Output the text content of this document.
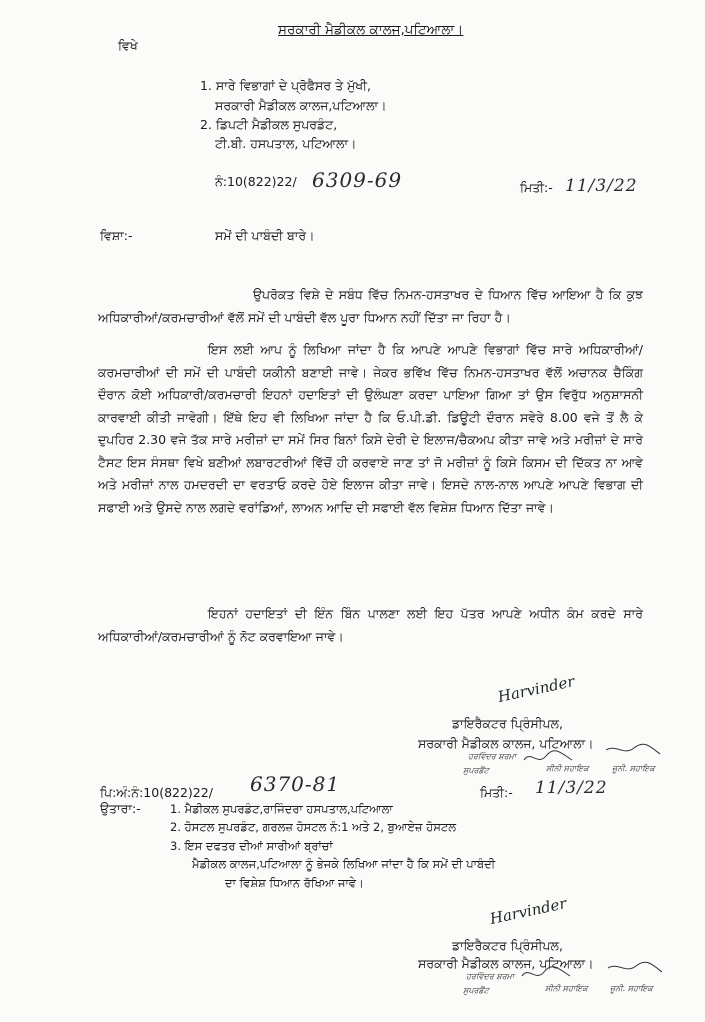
ਸਰਕਾਰੀ ਮੈਡੀਕਲ ਕਾਲਜ,ਪਟਿਆਲਾ।
ਵਿਖੇ
1. ਸਾਰੇ ਵਿਭਾਗਾਂ ਦੇ ਪ੍ਰੋਫੈਸਰ ਤੇ ਮੁੱਖੀ,
ਸਰਕਾਰੀ ਮੈਡੀਕਲ ਕਾਲਜ,ਪਟਿਆਲਾ।
2. ਡਿਪਟੀ ਮੈਡੀਕਲ ਸੁਪਰਡੰਟ,
ਟੀ.ਬੀ. ਹਸਪਤਾਲ, ਪਟਿਆਲਾ।
ਨੰ:10(822)22/ 6309-69	ਮਿਤੀ:- 11/3/22
ਵਿਸ਼ਾ:-	ਸਮੇਂ ਦੀ ਪਾਬੰਦੀ ਬਾਰੇ।
ਉਪਰੋਕਤ ਵਿਸ਼ੇ ਦੇ ਸਬੰਧ ਵਿੱਚ ਨਿਮਨ-ਹਸਤਾਖਰ ਦੇ ਧਿਆਨ ਵਿੱਚ ਆਇਆ ਹੈ ਕਿ ਕੁਝ ਅਧਿਕਾਰੀਆਂ/ਕਰਮਚਾਰੀਆਂ ਵੱਲੋਂ ਸਮੇਂ ਦੀ ਪਾਬੰਦੀ ਵੱਲ ਪੂਰਾ ਧਿਆਨ ਨਹੀਂ ਦਿੱਤਾ ਜਾ ਰਿਹਾ ਹੈ।
ਇਸ ਲਈ ਆਪ ਨੂੰ ਲਿਖਿਆ ਜਾਂਦਾ ਹੈ ਕਿ ਆਪਣੇ ਆਪਣੇ ਵਿਭਾਗਾਂ ਵਿੱਚ ਸਾਰੇ ਅਧਿਕਾਰੀਆਂ/ਕਰਮਚਾਰੀਆਂ ਦੀ ਸਮੇਂ ਦੀ ਪਾਬੰਦੀ ਯਕੀਨੀ ਬਣਾਈ ਜਾਵੇ। ਜੇਕਰ ਭਵਿੱਖ ਵਿੱਚ ਨਿਮਨ-ਹਸਤਾਖਰ ਵੱਲੋਂ ਅਚਾਨਕ ਚੈਕਿੰਗ ਦੌਰਾਨ ਕੋਈ ਅਧਿਕਾਰੀ/ਕਰਮਚਾਰੀ ਇਹਨਾਂ ਹਦਾਇਤਾਂ ਦੀ ਉਲੰਘਣਾ ਕਰਦਾ ਪਾਇਆ ਗਿਆ ਤਾਂ ਉਸ ਵਿਰੁੱਧ ਅਨੁਸ਼ਾਸਨੀ ਕਾਰਵਾਈ ਕੀਤੀ ਜਾਵੇਗੀ। ਇੱਥੇ ਇਹ ਵੀ ਲਿਖਿਆ ਜਾਂਦਾ ਹੈ ਕਿ ਓ.ਪੀ.ਡੀ. ਡਿਊਟੀ ਦੌਰਾਨ ਸਵੇਰੇ 8.00 ਵਜੇ ਤੋਂ ਲੈ ਕੇ ਦੁਪਹਿਰ 2.30 ਵਜੇ ਤੱਕ ਸਾਰੇ ਮਰੀਜ਼ਾਂ ਦਾ ਸਮੇਂ ਸਿਰ ਬਿਨਾਂ ਕਿਸੇ ਦੇਰੀ ਦੇ ਇਲਾਜ/ਚੈਕਅਪ ਕੀਤਾ ਜਾਵੇ ਅਤੇ ਮਰੀਜ਼ਾਂ ਦੇ ਸਾਰੇ ਟੈਸਟ ਇਸ ਸੰਸਥਾ ਵਿਖੇ ਬਣੀਆਂ ਲਬਾਰਟਰੀਆਂ ਵਿੱਚੋਂ ਹੀ ਕਰਵਾਏ ਜਾਣ ਤਾਂ ਜੋ ਮਰੀਜ਼ਾਂ ਨੂੰ ਕਿਸੇ ਕਿਸਮ ਦੀ ਦਿੱਕਤ ਨਾ ਆਵੇ ਅਤੇ ਮਰੀਜ਼ਾਂ ਨਾਲ ਹਮਦਰਦੀ ਦਾ ਵਰਤਾਓ ਕਰਦੇ ਹੋਏ ਇਲਾਜ ਕੀਤਾ ਜਾਵੇ। ਇਸਦੇ ਨਾਲ-ਨਾਲ ਆਪਣੇ ਆਪਣੇ ਵਿਭਾਗ ਦੀ ਸਫਾਈ ਅਤੇ ਉਸਦੇ ਨਾਲ ਲਗਦੇ ਵਰਾਂਡਿਆਂ, ਲਾਅਨ ਆਦਿ ਦੀ ਸਫਾਈ ਵੱਲ ਵਿਸ਼ੇਸ਼ ਧਿਆਨ ਦਿੱਤਾ ਜਾਵੇ।
ਇਹਨਾਂ ਹਦਾਇਤਾਂ ਦੀ ਇੰਨ ਬਿੰਨ ਪਾਲਣਾ ਲਈ ਇਹ ਪੱਤਰ ਆਪਣੇ ਅਧੀਨ ਕੰਮ ਕਰਦੇ ਸਾਰੇ ਅਧਿਕਾਰੀਆਂ/ਕਰਮਚਾਰੀਆਂ ਨੂੰ ਨੋਟ ਕਰਵਾਇਆ ਜਾਵੇ।
Harvinder
ਡਾਇਰੈਕਟਰ ਪ੍ਰਿੰਸੀਪਲ,
ਸਰਕਾਰੀ ਮੈਡੀਕਲ ਕਾਲਜ, ਪਟਿਆਲਾ।
ਹਰਵਿੰਦਰ ਸ਼ਰਮਾ
ਸੁਪਰਡੈਂਟ	ਸੀਨੀ ਸਹਾਇਕ	ਜੂਨੀ. ਸਹਾਇਕ
ਪਿ:ਅੰ:ਨੰ:10(822)22/ 6370-81	ਮਿਤੀ:- 11/3/22
ਉਤਾਰਾ:-	1. ਮੈਡੀਕਲ ਸੁਪਰਡੰਟ,ਰਾਜਿੰਦਰਾ ਹਸਪਤਾਲ,ਪਟਿਆਲਾ
2. ਹੋਸਟਲ ਸੁਪਰਡੰਟ, ਗਰਲਜ਼ ਹੋਸਟਲ ਨੰ:1 ਅਤੇ 2, ਬੁਆਏਜ਼ ਹੋਸਟਲ
3. ਇਸ ਦਫਤਰ ਦੀਆਂ ਸਾਰੀਆਂ ਬ੍ਰਾਂਚਾਂ
ਮੈਡੀਕਲ ਕਾਲਜ,ਪਟਿਆਲਾ ਨੂੰ ਭੇਜਕੇ ਲਿਖਿਆ ਜਾਂਦਾ ਹੈ ਕਿ ਸਮੇਂ ਦੀ ਪਾਬੰਦੀ
ਦਾ ਵਿਸ਼ੇਸ਼ ਧਿਆਨ ਰੱਖਿਆ ਜਾਵੇ।
Harvinder
ਡਾਇਰੈਕਟਰ ਪ੍ਰਿੰਸੀਪਲ,
ਸਰਕਾਰੀ ਮੈਡੀਕਲ ਕਾਲਜ, ਪਟਿਆਲਾ।
ਹਰਵਿੰਦਰ ਸ਼ਰਮਾ
ਸੁਪਰਡੈਂਟ	ਸੀਨੀ ਸਹਾਇਕ	ਜੂਨੀ. ਸਹਾਇਕ
